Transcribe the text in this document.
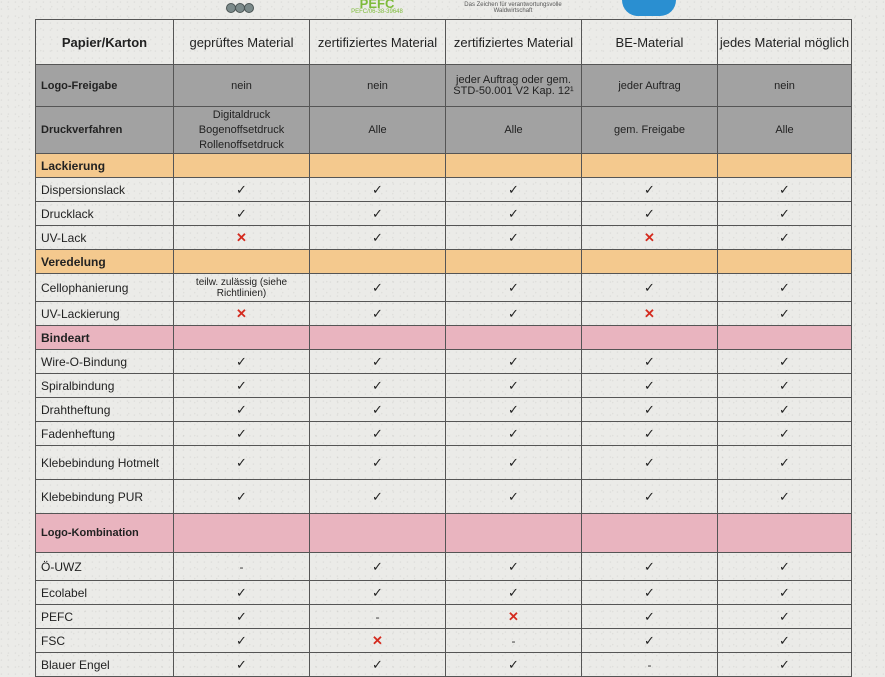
PEFC
PEFC/06-38-39648
Das Zeichen für verantwortungsvolle Waldwirtschaft
Papier/Karton	geprüftes Material	zertifiziertes Material	zertifiziertes Material	BE-Material	jedes Material möglich
Logo-Freigabe	nein	nein	jeder Auftrag oder gem. STD-50.001 V2 Kap. 12¹	jeder Auftrag	nein
Druckverfahren	Digitaldruck Bogenoffsetdruck Rollenoffsetdruck	Alle	Alle	gem. Freigabe	Alle
Lackierung					
Dispersionslack	✓	✓	✓	✓	✓
Drucklack	✓	✓	✓	✓	✓
UV-Lack	✕	✓	✓	✕	✓
Veredelung					
Cellophanierung	teilw. zulässig (siehe Richtlinien)	✓	✓	✓	✓
UV-Lackierung	✕	✓	✓	✕	✓
Bindeart					
Wire-O-Bindung	✓	✓	✓	✓	✓
Spiralbindung	✓	✓	✓	✓	✓
Drahtheftung	✓	✓	✓	✓	✓
Fadenheftung	✓	✓	✓	✓	✓
Klebebindung Hotmelt	✓	✓	✓	✓	✓
Klebebindung PUR	✓	✓	✓	✓	✓
Logo-Kombination					
Ö-UWZ	-	✓	✓	✓	✓
Ecolabel	✓	✓	✓	✓	✓
PEFC	✓	-	✕	✓	✓
FSC	✓	✕	-	✓	✓
Blauer Engel	✓	✓	✓	-	✓
